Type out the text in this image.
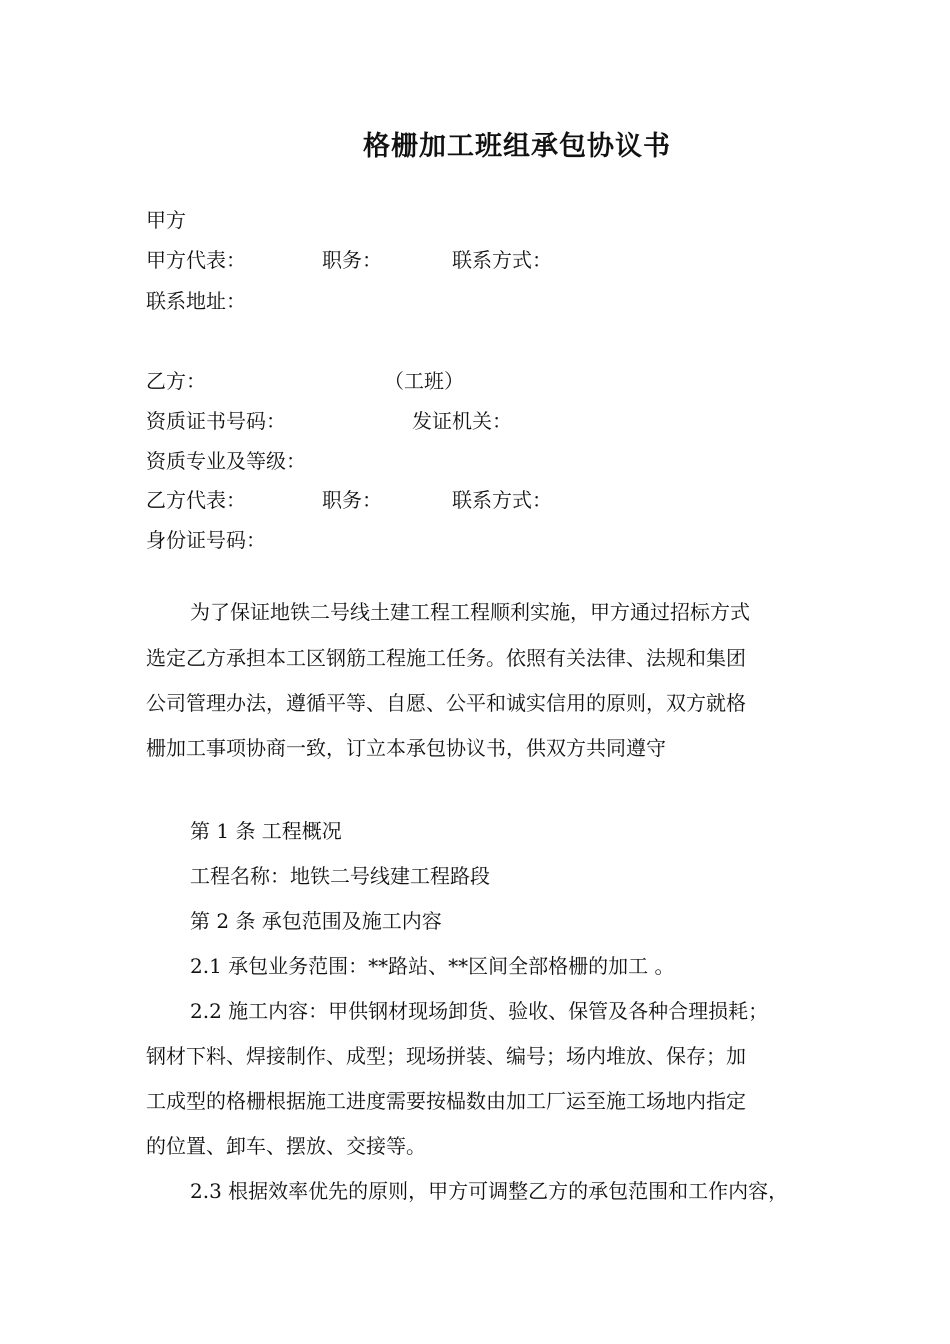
格栅加工班组承包协议书
甲方
甲方代表：	职务：	联系方式：
联系地址：
乙方：	（工班）
资质证书号码：	发证机关：
资质专业及等级：
乙方代表：	职务：	联系方式：
身份证号码：
为了保证地铁二号线土建工程工程顺利实施，甲方通过招标方式
选定乙方承担本工区钢筋工程施工任务。依照有关法律、法规和集团
公司管理办法，遵循平等、自愿、公平和诚实信用的原则，双方就格
栅加工事项协商一致，订立本承包协议书，供双方共同遵守
第 1 条 工程概况
工程名称：地铁二号线建工程路段
第 2 条 承包范围及施工内容
2.1 承包业务范围：**路站、**区间全部格栅的加工 。
2.2 施工内容：甲供钢材现场卸货、验收、保管及各种合理损耗；
钢材下料、焊接制作、成型；现场拼装、编号；场内堆放、保存；加
工成型的格栅根据施工进度需要按榀数由加工厂运至施工场地内指定
的位置、卸车、摆放、交接等。
2.3 根据效率优先的原则，甲方可调整乙方的承包范围和工作内容，
